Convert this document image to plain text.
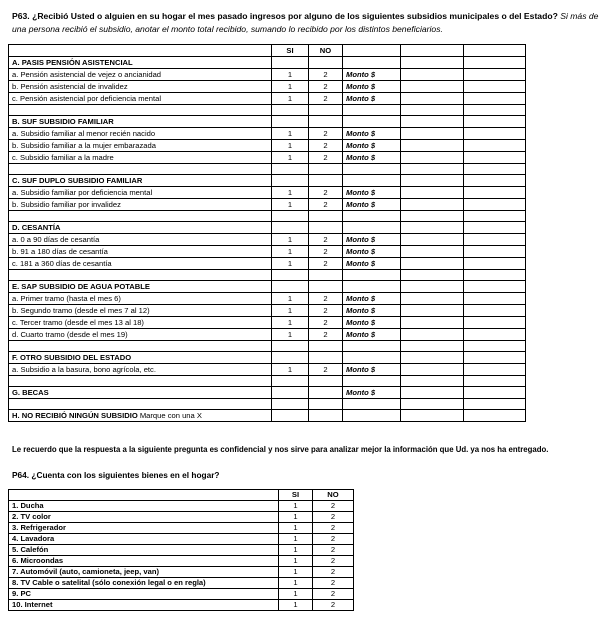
P63. ¿Recibió Usted o alguien en su hogar el mes pasado ingresos por alguno de los siguientes subsidios municipales o del Estado? Si más de una persona recibió el subsidio, anotar el monto total recibido, sumando lo recibido por los distintos beneficiarios.
	SI	NO			
A. PASIS PENSIÓN ASISTENCIAL					
a. Pensión asistencial de vejez o ancianidad	1	2	Monto $		
b. Pensión asistencial de invalidez	1	2	Monto $		
c. Pensión asistencial por deficiencia mental	1	2	Monto $		

B. SUF SUBSIDIO FAMILIAR					
a. Subsidio familiar al menor recién nacido	1	2	Monto $		
b. Subsidio familiar a la mujer embarazada	1	2	Monto $		
c. Subsidio familiar a la madre	1	2	Monto $		

C. SUF DUPLO SUBSIDIO FAMILIAR					
a. Subsidio familiar por deficiencia mental	1	2	Monto $		
b. Subsidio familiar por invalidez	1	2	Monto $		

D. CESANTÍA					
a. 0 a 90 días de cesantía	1	2	Monto $		
b. 91 a 180 días de cesantía	1	2	Monto $		
c. 181 a 360 días de cesantía	1	2	Monto $		

E. SAP SUBSIDIO DE AGUA POTABLE					
a. Primer tramo (hasta el mes 6)	1	2	Monto $		
b. Segundo tramo (desde el mes 7 al 12)	1	2	Monto $		
c. Tercer tramo (desde el mes 13 al 18)	1	2	Monto $		
d. Cuarto tramo (desde el mes 19)	1	2	Monto $		

F. OTRO SUBSIDIO DEL ESTADO					
a. Subsidio a la basura, bono agrícola, etc.	1	2	Monto $		

G. BECAS			Monto $		

H. NO RECIBIÓ NINGÚN SUBSIDIO Marque con una X					
Le recuerdo que la respuesta a la siguiente pregunta es confidencial y nos sirve para analizar mejor la información que Ud. ya nos ha entregado.
P64. ¿Cuenta con los siguientes bienes en el hogar?
	SI	NO
1. Ducha	1	2
2. TV color	1	2
3. Refrigerador	1	2
4. Lavadora	1	2
5. Calefón	1	2
6. Microondas	1	2
7. Automóvil (auto, camioneta, jeep, van)	1	2
8. TV Cable o satelital (sólo conexión legal o en regla)	1	2
9. PC	1	2
10. Internet	1	2
